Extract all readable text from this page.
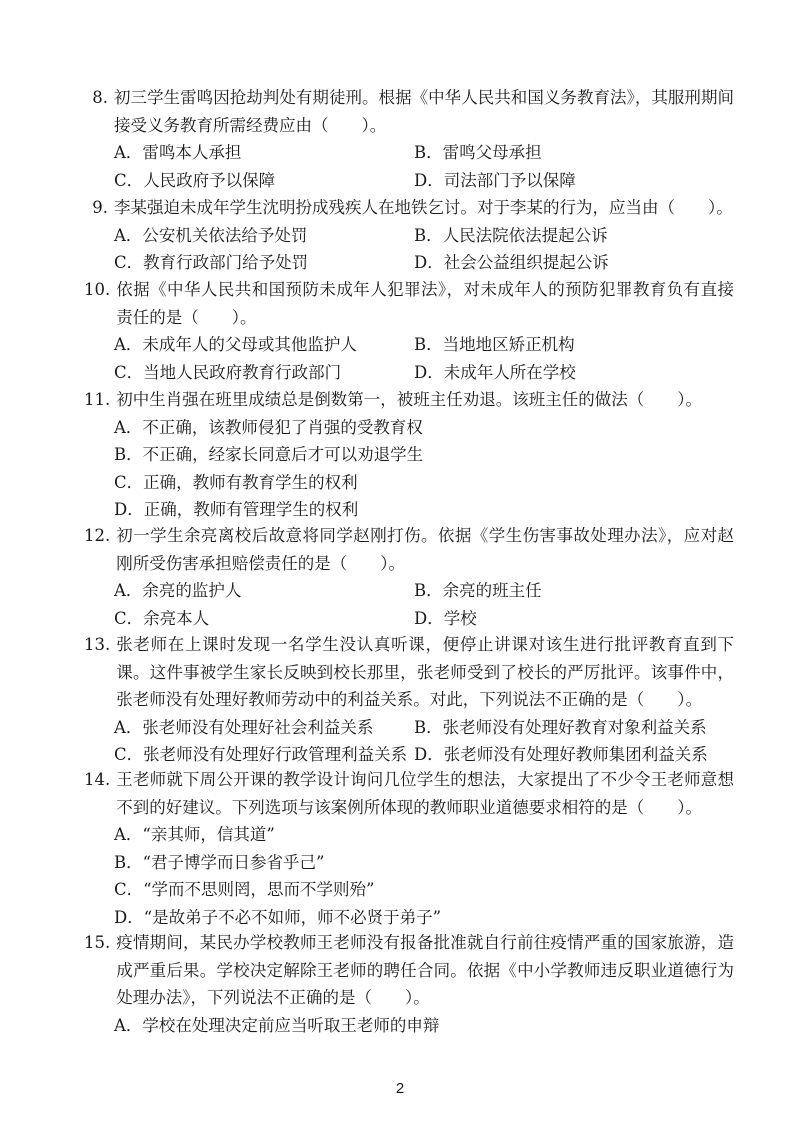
8. 初三学生雷鸣因抢劫判处有期徒刑。根据《中华人民共和国义务教育法》，其服刑期间接受义务教育所需经费应由（　　）。
A．雷鸣本人承担	B．雷鸣父母承担
C．人民政府予以保障	D．司法部门予以保障
9. 李某强迫未成年学生沈明扮成残疾人在地铁乞讨。对于李某的行为，应当由（　　）。
A．公安机关依法给予处罚	B．人民法院依法提起公诉
C．教育行政部门给予处罚	D．社会公益组织提起公诉
10. 依据《中华人民共和国预防未成年人犯罪法》，对未成年人的预防犯罪教育负有直接责任的是（　　）。
A．未成年人的父母或其他监护人	B．当地地区矫正机构
C．当地人民政府教育行政部门	D．未成年人所在学校
11. 初中生肖强在班里成绩总是倒数第一，被班主任劝退。该班主任的做法（　　）。
A．不正确，该教师侵犯了肖强的受教育权
B．不正确，经家长同意后才可以劝退学生
C．正确，教师有教育学生的权利
D．正确，教师有管理学生的权利
12. 初一学生余亮离校后故意将同学赵刚打伤。依据《学生伤害事故处理办法》，应对赵刚所受伤害承担赔偿责任的是（　　）。
A．余亮的监护人	B．余亮的班主任
C．余亮本人	D．学校
13. 张老师在上课时发现一名学生没认真听课，便停止讲课对该生进行批评教育直到下课。这件事被学生家长反映到校长那里，张老师受到了校长的严厉批评。该事件中，张老师没有处理好教师劳动中的利益关系。对此，下列说法不正确的是（　　）。
A．张老师没有处理好社会利益关系	B．张老师没有处理好教育对象利益关系
C．张老师没有处理好行政管理利益关系 D．张老师没有处理好教师集团利益关系
14. 王老师就下周公开课的教学设计询问几位学生的想法，大家提出了不少令王老师意想不到的好建议。下列选项与该案例所体现的教师职业道德要求相符的是（　　）。
A．“亲其师，信其道”
B．“君子博学而日参省乎己”
C．“学而不思则罔，思而不学则殆”
D．“是故弟子不必不如师，师不必贤于弟子”
15. 疫情期间，某民办学校教师王老师没有报备批准就自行前往疫情严重的国家旅游，造成严重后果。学校决定解除王老师的聘任合同。依据《中小学教师违反职业道德行为处理办法》，下列说法不正确的是（　　）。
A．学校在处理决定前应当听取王老师的申辩
2
